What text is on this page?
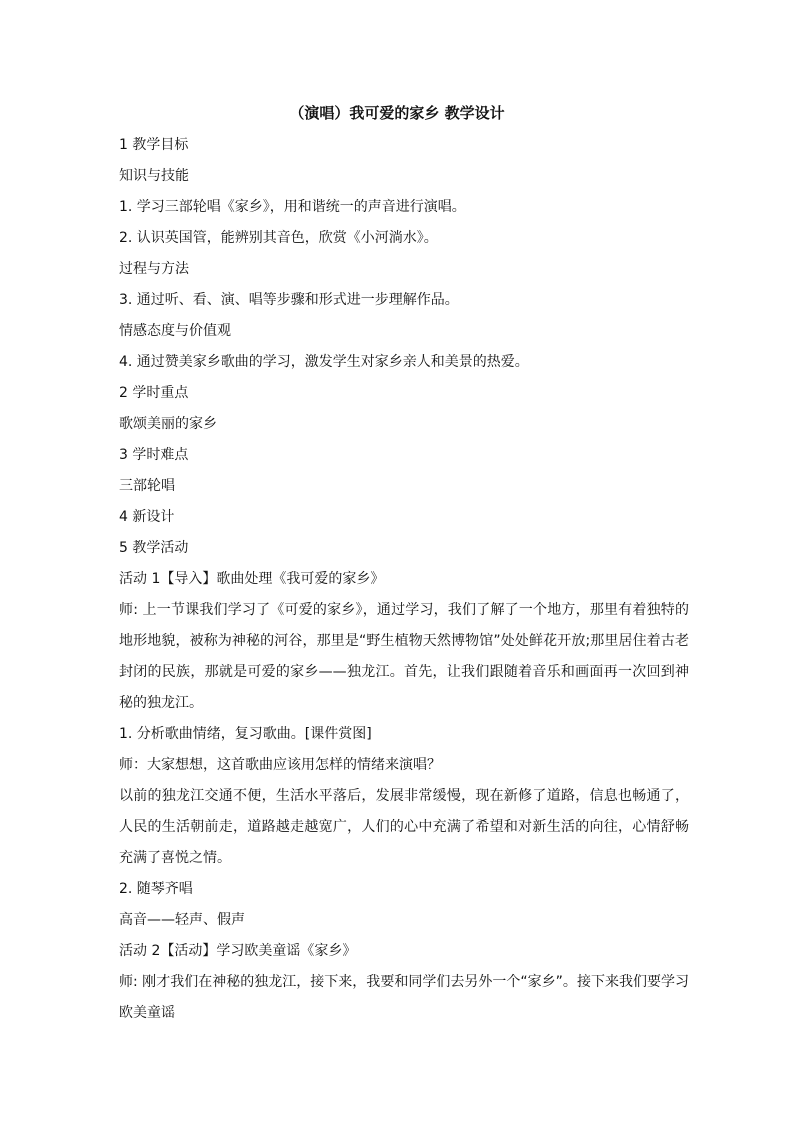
（演唱）我可爱的家乡 教学设计

1 教学目标

知识与技能

1. 学习三部轮唱《家乡》，用和谐统一的声音进行演唱。

2. 认识英国管，能辨别其音色，欣赏《小河淌水》。

过程与方法

3. 通过听、看、演、唱等步骤和形式进一步理解作品。

情感态度与价值观

4. 通过赞美家乡歌曲的学习，激发学生对家乡亲人和美景的热爱。

2 学时重点

歌颂美丽的家乡

3 学时难点

三部轮唱

4 新设计

5 教学活动

活动 1【导入】歌曲处理《我可爱的家乡》

师: 上一节课我们学习了《可爱的家乡》，通过学习，我们了解了一个地方，那里有着独特的地形地貌，被称为神秘的河谷，那里是“野生植物天然博物馆”处处鲜花开放;那里居住着古老封闭的民族，那就是可爱的家乡——独龙江。首先，让我们跟随着音乐和画面再一次回到神秘的独龙江。

1. 分析歌曲情绪，复习歌曲。[课件赏图]

师：大家想想，这首歌曲应该用怎样的情绪来演唱？

以前的独龙江交通不便，生活水平落后，发展非常缓慢，现在新修了道路，信息也畅通了，人民的生活朝前走，道路越走越宽广，人们的心中充满了希望和对新生活的向往，心情舒畅充满了喜悦之情。

2. 随琴齐唱

高音——轻声、假声

活动 2【活动】学习欧美童谣《家乡》

师: 刚才我们在神秘的独龙江，接下来，我要和同学们去另外一个“家乡”。接下来我们要学习欧美童谣
